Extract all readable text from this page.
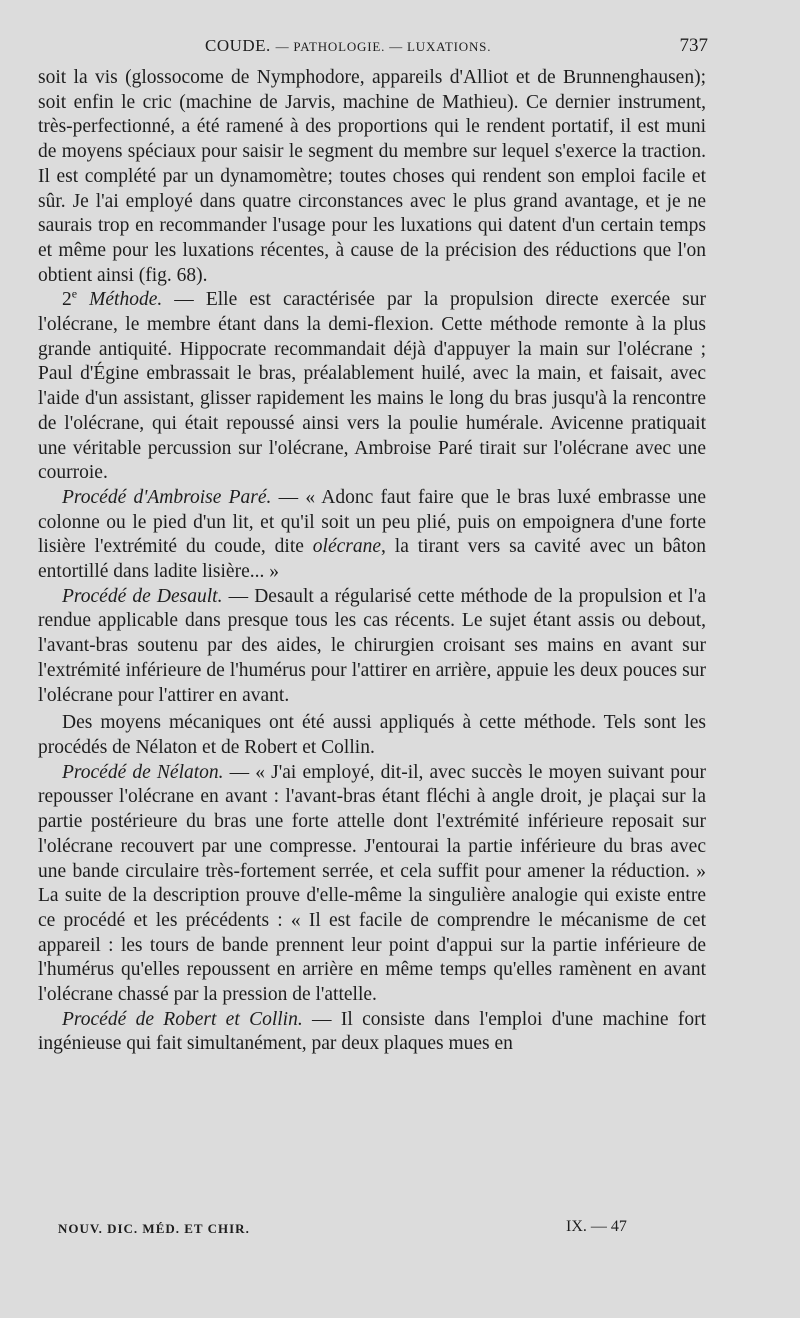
COUDE. — PATHOLOGIE. — LUXATIONS.	737

soit la vis (glossocome de Nymphodore, appareils d'Alliot et de Brunnenghausen); soit enfin le cric (machine de Jarvis, machine de Mathieu). Ce dernier instrument, très-perfectionné, a été ramené à des proportions qui le rendent portatif, il est muni de moyens spéciaux pour saisir le segment du membre sur lequel s'exerce la traction. Il est complété par un dynamomètre; toutes choses qui rendent son emploi facile et sûr. Je l'ai employé dans quatre circonstances avec le plus grand avantage, et je ne saurais trop en recommander l'usage pour les luxations qui datent d'un certain temps et même pour les luxations récentes, à cause de la précision des réductions que l'on obtient ainsi (fig. 68).

2e Méthode. — Elle est caractérisée par la propulsion directe exercée sur l'olécrane, le membre étant dans la demi-flexion. Cette méthode remonte à la plus grande antiquité. Hippocrate recommandait déjà d'appuyer la main sur l'olécrane ; Paul d'Égine embrassait le bras, préalablement huilé, avec la main, et faisait, avec l'aide d'un assistant, glisser rapidement les mains le long du bras jusqu'à la rencontre de l'olécrane, qui était repoussé ainsi vers la poulie humérale. Avicenne pratiquait une véritable percussion sur l'olécrane, Ambroise Paré tirait sur l'olécrane avec une courroie.

Procédé d'Ambroise Paré. — « Adonc faut faire que le bras luxé embrasse une colonne ou le pied d'un lit, et qu'il soit un peu plié, puis on empoignera d'une forte lisière l'extrémité du coude, dite olécrane, la tirant vers sa cavité avec un bâton entortillé dans ladite lisière... »

Procédé de Desault. — Desault a régularisé cette méthode de la propulsion et l'a rendue applicable dans presque tous les cas récents. Le sujet étant assis ou debout, l'avant-bras soutenu par des aides, le chirurgien croisant ses mains en avant sur l'extrémité inférieure de l'humérus pour l'attirer en arrière, appuie les deux pouces sur l'olécrane pour l'attirer en avant.

Des moyens mécaniques ont été aussi appliqués à cette méthode. Tels sont les procédés de Nélaton et de Robert et Collin.

Procédé de Nélaton. — « J'ai employé, dit-il, avec succès le moyen suivant pour repousser l'olécrane en avant : l'avant-bras étant fléchi à angle droit, je plaçai sur la partie postérieure du bras une forte attelle dont l'extrémité inférieure reposait sur l'olécrane recouvert par une compresse. J'entourai la partie inférieure du bras avec une bande circulaire très-fortement serrée, et cela suffit pour amener la réduction. » La suite de la description prouve d'elle-même la singulière analogie qui existe entre ce procédé et les précédents : « Il est facile de comprendre le mécanisme de cet appareil : les tours de bande prennent leur point d'appui sur la partie inférieure de l'humérus qu'elles repoussent en arrière en même temps qu'elles ramènent en avant l'olécrane chassé par la pression de l'attelle.

Procédé de Robert et Collin. — Il consiste dans l'emploi d'une machine fort ingénieuse qui fait simultanément, par deux plaques mues en

NOUV. DIC. MÉD. ET CHIR.	IX. — 47
